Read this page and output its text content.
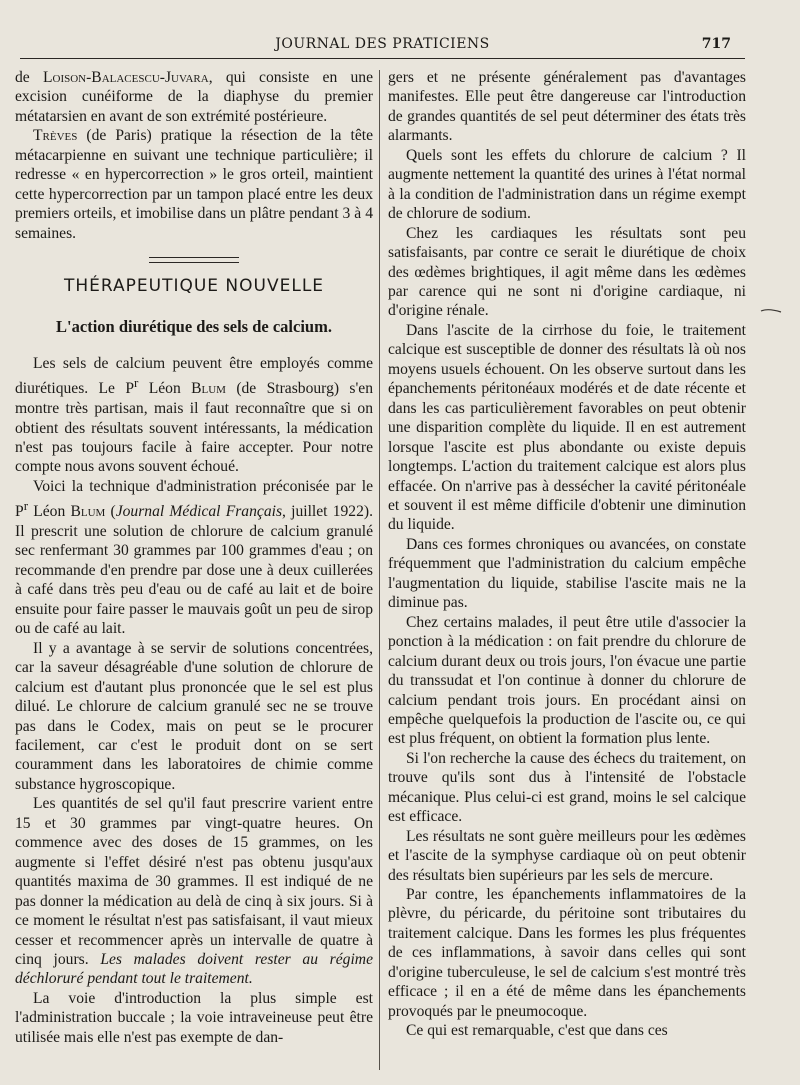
JOURNAL DES PRATICIENS	717

de Loison-Balacescu-Juvara, qui consiste en une excision cunéiforme de la diaphyse du premier métatarsien en avant de son extrémité postérieure.

Trèves (de Paris) pratique la résection de la tête métacarpienne en suivant une technique particulière; il redresse « en hypercorrection » le gros orteil, maintient cette hypercorrection par un tampon placé entre les deux premiers orteils, et imobilise dans un plâtre pendant 3 à 4 semaines.

THÉRAPEUTIQUE NOUVELLE
L'action diurétique des sels de calcium.

Les sels de calcium peuvent être employés comme diurétiques. Le $P^r$ Léon Blum (de Strasbourg) s'en montre très partisan, mais il faut reconnaître que si on obtient des résultats souvent intéressants, la médication n'est pas toujours facile à faire accepter. Pour notre compte nous avons souvent échoué.

Voici la technique d'administration préconisée par le $P^r$ Léon Blum (Journal Médical Français, juillet 1922). Il prescrit une solution de chlorure de calcium granulé sec renfermant 30 grammes par 100 grammes d'eau ; on recommande d'en prendre par dose une à deux cuillerées à café dans très peu d'eau ou de café au lait et de boire ensuite pour faire passer le mauvais goût un peu de sirop ou de café au lait.

Il y a avantage à se servir de solutions concentrées, car la saveur désagréable d'une solution de chlorure de calcium est d'autant plus prononcée que le sel est plus dilué. Le chlorure de calcium granulé sec ne se trouve pas dans le Codex, mais on peut se le procurer facilement, car c'est le produit dont on se sert couramment dans les laboratoires de chimie comme substance hygroscopique.

Les quantités de sel qu'il faut prescrire varient entre 15 et 30 grammes par vingt-quatre heures. On commence avec des doses de 15 grammes, on les augmente si l'effet désiré n'est pas obtenu jusqu'aux quantités maxima de 30 grammes. Il est indiqué de ne pas donner la médication au delà de cinq à six jours. Si à ce moment le résultat n'est pas satisfaisant, il vaut mieux cesser et recommencer après un intervalle de quatre à cinq jours. Les malades doivent rester au régime déchloruré pendant tout le traitement.

La voie d'introduction la plus simple est l'administration buccale ; la voie intraveineuse peut être utilisée mais elle n'est pas exempte de dan-

gers et ne présente généralement pas d'avantages manifestes. Elle peut être dangereuse car l'introduction de grandes quantités de sel peut déterminer des états très alarmants.

Quels sont les effets du chlorure de calcium ? Il augmente nettement la quantité des urines à l'état normal à la condition de l'administration dans un régime exempt de chlorure de sodium.

Chez les cardiaques les résultats sont peu satisfaisants, par contre ce serait le diurétique de choix des œdèmes brightiques, il agit même dans les œdèmes par carence qui ne sont ni d'origine cardiaque, ni d'origine rénale.

Dans l'ascite de la cirrhose du foie, le traitement calcique est susceptible de donner des résultats là où nos moyens usuels échouent. On les observe surtout dans les épanchements péritonéaux modérés et de date récente et dans les cas particulièrement favorables on peut obtenir une disparition complète du liquide. Il en est autrement lorsque l'ascite est plus abondante ou existe depuis longtemps. L'action du traitement calcique est alors plus effacée. On n'arrive pas à dessécher la cavité péritonéale et souvent il est même difficile d'obtenir une diminution du liquide.

Dans ces formes chroniques ou avancées, on constate fréquemment que l'administration du calcium empêche l'augmentation du liquide, stabilise l'ascite mais ne la diminue pas.

Chez certains malades, il peut être utile d'associer la ponction à la médication : on fait prendre du chlorure de calcium durant deux ou trois jours, l'on évacue une partie du transsudat et l'on continue à donner du chlorure de calcium pendant trois jours. En procédant ainsi on empêche quelquefois la production de l'ascite ou, ce qui est plus fréquent, on obtient la formation plus lente.

Si l'on recherche la cause des échecs du traitement, on trouve qu'ils sont dus à l'intensité de l'obstacle mécanique. Plus celui-ci est grand, moins le sel calcique est efficace.

Les résultats ne sont guère meilleurs pour les œdèmes et l'ascite de la symphyse cardiaque où on peut obtenir des résultats bien supérieurs par les sels de mercure.

Par contre, les épanchements inflammatoires de la plèvre, du péricarde, du péritoine sont tributaires du traitement calcique. Dans les formes les plus fréquentes de ces inflammations, à savoir dans celles qui sont d'origine tuberculeuse, le sel de calcium s'est montré très efficace ; il en a été de même dans les épanchements provoqués par le pneumocoque.

Ce qui est remarquable, c'est que dans ces
